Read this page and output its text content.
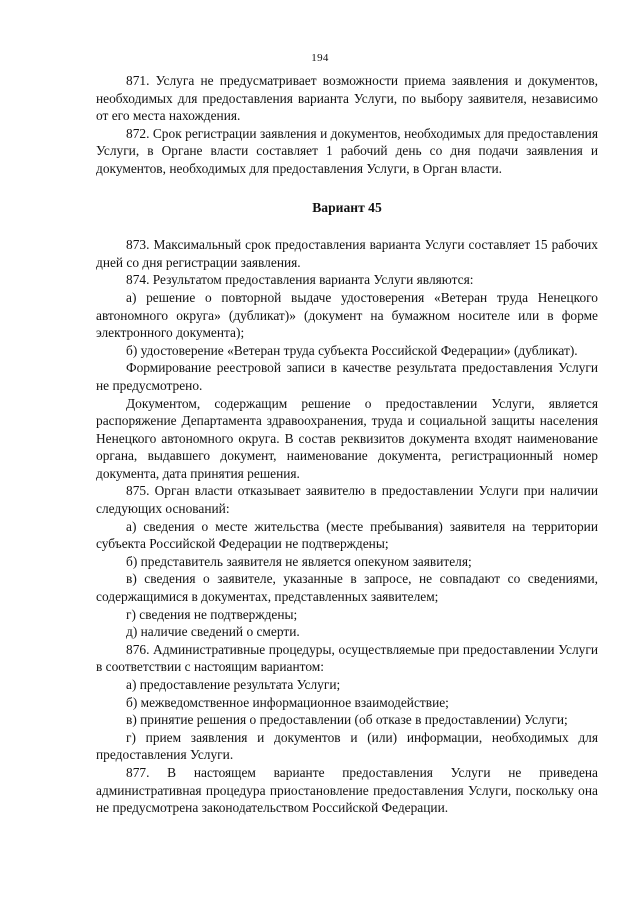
194

871. Услуга не предусматривает возможности приема заявления и документов, необходимых для предоставления варианта Услуги, по выбору заявителя, независимо от его места нахождения.

872. Срок регистрации заявления и документов, необходимых для предоставления Услуги, в Органе власти составляет 1 рабочий день со дня подачи заявления и документов, необходимых для предоставления Услуги, в Орган власти.

Вариант 45

873. Максимальный срок предоставления варианта Услуги составляет 15 рабочих дней со дня регистрации заявления.

874. Результатом предоставления варианта Услуги являются:

а) решение о повторной выдаче удостоверения «Ветеран труда Ненецкого автономного округа» (дубликат)» (документ на бумажном носителе или в форме электронного документа);

б) удостоверение «Ветеран труда субъекта Российской Федерации» (дубликат).

Формирование реестровой записи в качестве результата предоставления Услуги не предусмотрено.

Документом, содержащим решение о предоставлении Услуги, является распоряжение Департамента здравоохранения, труда и социальной защиты населения Ненецкого автономного округа. В состав реквизитов документа входят наименование органа, выдавшего документ, наименование документа, регистрационный номер документа, дата принятия решения.

875. Орган власти отказывает заявителю в предоставлении Услуги при наличии следующих оснований:

а) сведения о месте жительства (месте пребывания) заявителя на территории субъекта Российской Федерации не подтверждены;

б) представитель заявителя не является опекуном заявителя;

в) сведения о заявителе, указанные в запросе, не совпадают со сведениями, содержащимися в документах, представленных заявителем;

г) сведения не подтверждены;

д) наличие сведений о смерти.

876. Административные процедуры, осуществляемые при предоставлении Услуги в соответствии с настоящим вариантом:

а) предоставление результата Услуги;

б) межведомственное информационное взаимодействие;

в) принятие решения о предоставлении (об отказе в предоставлении) Услуги;

г) прием заявления и документов и (или) информации, необходимых для предоставления Услуги.

877. В настоящем варианте предоставления Услуги не приведена административная процедура приостановление предоставления Услуги, поскольку она не предусмотрена законодательством Российской Федерации.
